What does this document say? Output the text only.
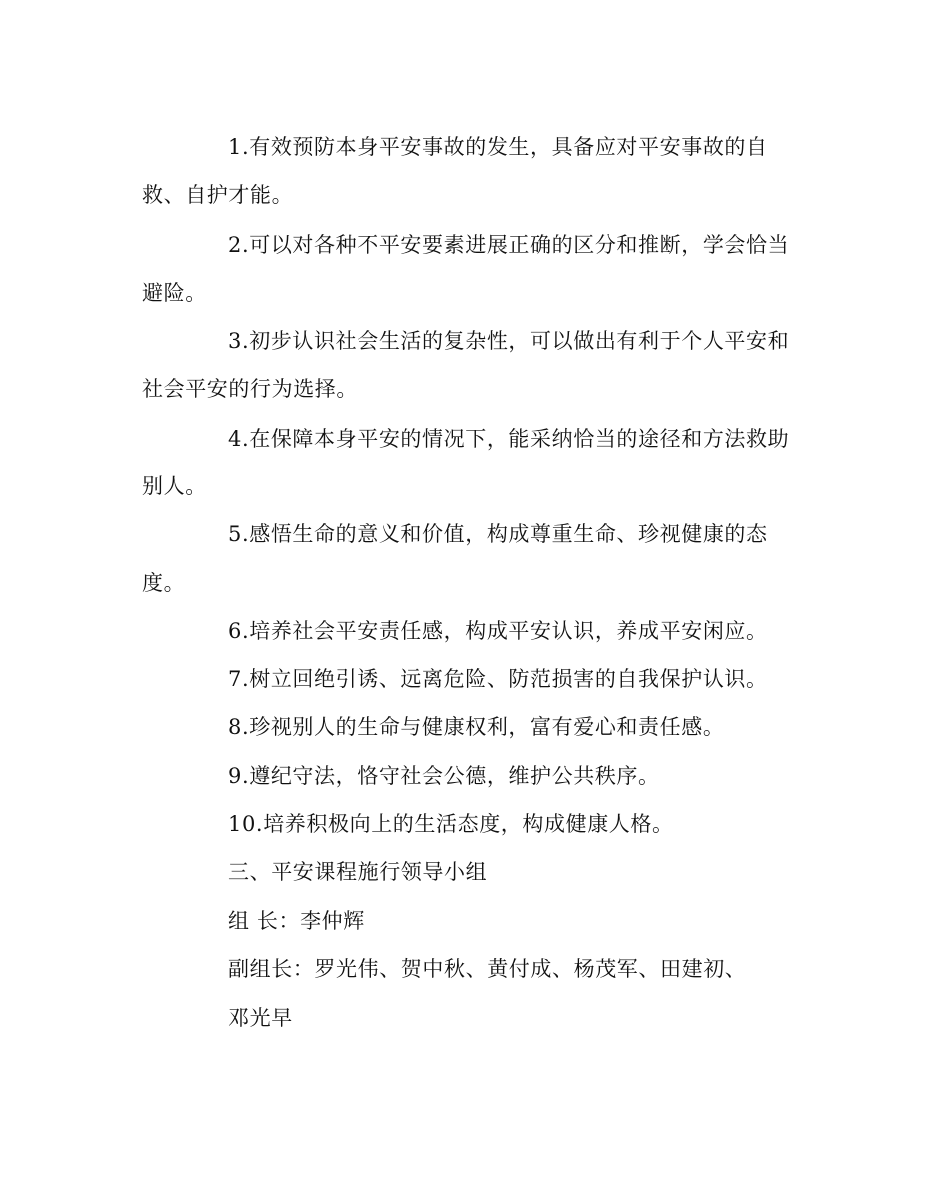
1.有效预防本身平安事故的发生，具备应对平安事故的自
救、自护才能。
2.可以对各种不平安要素进展正确的区分和推断，学会恰当
避险。
3.初步认识社会生活的复杂性，可以做出有利于个人平安和
社会平安的行为选择。
4.在保障本身平安的情况下，能采纳恰当的途径和方法救助
别人。
5.感悟生命的意义和价值，构成尊重生命、珍视健康的态
度。
6.培养社会平安责任感，构成平安认识，养成平安闲应。
7.树立回绝引诱、远离危险、防范损害的自我保护认识。
8.珍视别人的生命与健康权利，富有爱心和责任感。
9.遵纪守法，恪守社会公德，维护公共秩序。
10.培养积极向上的生活态度，构成健康人格。
三、平安课程施行领导小组
组 长：李仲辉
副组长：罗光伟、贺中秋、黄付成、杨茂军、田建初、
邓光早
